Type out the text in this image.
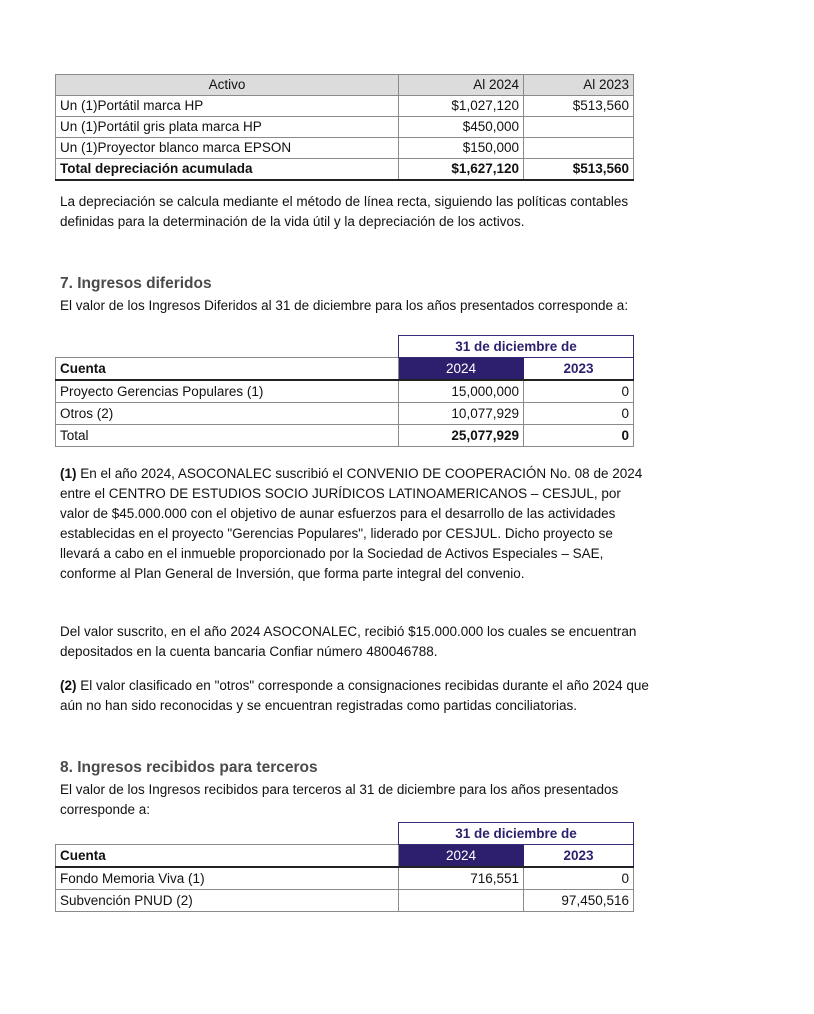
Activo	Al 2024	Al 2023
Un (1)Portátil marca HP	$1,027,120	$513,560
Un (1)Portátil gris plata marca HP	$450,000	
Un (1)Proyector blanco marca EPSON	$150,000	
Total depreciación acumulada	$1,627,120	$513,560

La depreciación se calcula mediante el método de línea recta, siguiendo las políticas contables definidas para la determinación de la vida útil y la depreciación de los activos.

7. Ingresos diferidos

El valor de los Ingresos Diferidos al 31 de diciembre para los años presentados corresponde a:

	31 de diciembre de	
Cuenta	2024	2023
Proyecto Gerencias Populares (1)	15,000,000	0
Otros (2)	10,077,929	0
Total	25,077,929	0

(1) En el año 2024, ASOCONALEC suscribió el CONVENIO DE COOPERACIÓN No. 08 de 2024 entre el CENTRO DE ESTUDIOS SOCIO JURÍDICOS LATINOAMERICANOS – CESJUL, por valor de $45.000.000 con el objetivo de aunar esfuerzos para el desarrollo de las actividades establecidas en el proyecto "Gerencias Populares", liderado por CESJUL. Dicho proyecto se llevará a cabo en el inmueble proporcionado por la Sociedad de Activos Especiales – SAE, conforme al Plan General de Inversión, que forma parte integral del convenio.

Del valor suscrito, en el año 2024 ASOCONALEC, recibió $15.000.000 los cuales se encuentran depositados en la cuenta bancaria Confiar número 480046788.

(2) El valor clasificado en "otros" corresponde a consignaciones recibidas durante el año 2024 que aún no han sido reconocidas y se encuentran registradas como partidas conciliatorias.

8. Ingresos recibidos para terceros

El valor de los Ingresos recibidos para terceros al 31 de diciembre para los años presentados corresponde a:

	31 de diciembre de	
Cuenta	2024	2023
Fondo Memoria Viva (1)	716,551	0
Subvención PNUD (2)		97,450,516
